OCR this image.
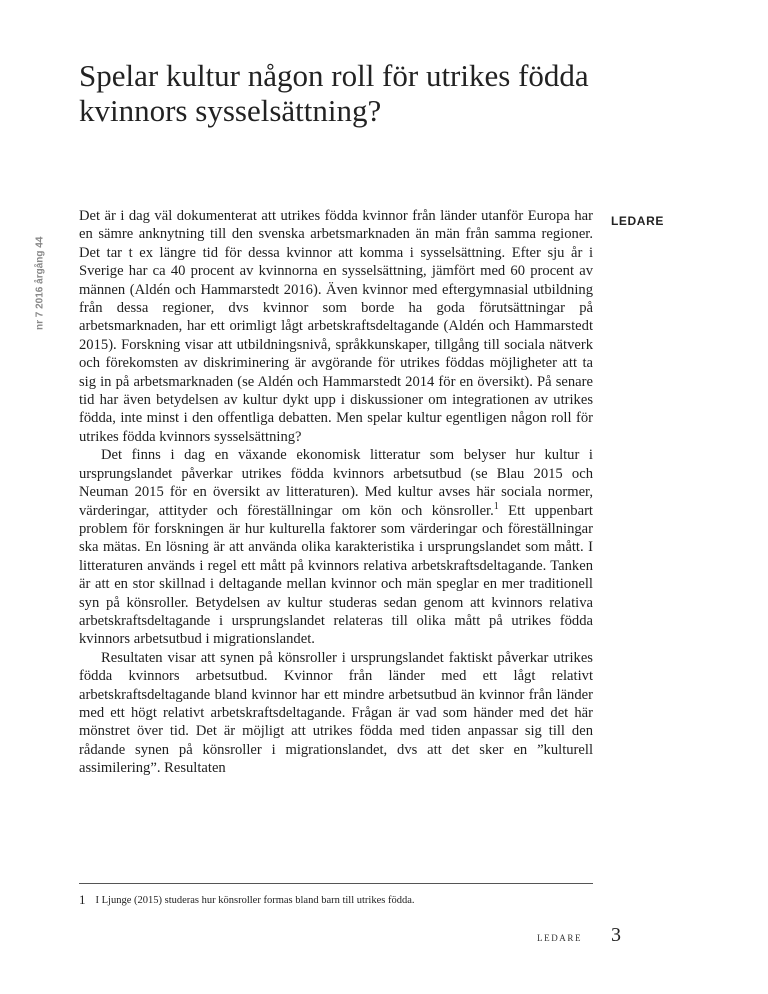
Spelar kultur någon roll för utrikes födda kvinnors sysselsättning?
nr 7 2016 årgång 44
LEDARE

Det är i dag väl dokumenterat att utrikes födda kvinnor från länder utanför Europa har en sämre anknytning till den svenska arbetsmarknaden än män från samma regioner. Det tar t ex längre tid för dessa kvinnor att komma i sysselsättning. Efter sju år i Sverige har ca 40 procent av kvinnorna en sysselsättning, jämfört med 60 procent av männen (Aldén och Hammarstedt 2016). Även kvinnor med eftergymnasial utbildning från dessa regioner, dvs kvinnor som borde ha goda förutsättningar på arbetsmarknaden, har ett orimligt lågt arbetskraftsdeltagande (Aldén och Hammarstedt 2015). Forskning visar att utbildningsnivå, språkkunskaper, tillgång till sociala nätverk och förekomsten av diskriminering är avgörande för utrikes föddas möjligheter att ta sig in på arbetsmarknaden (se Aldén och Hammarstedt 2014 för en översikt). På senare tid har även betydelsen av kultur dykt upp i diskussioner om integrationen av utrikes födda, inte minst i den offentliga debatten. Men spelar kultur egentligen någon roll för utrikes födda kvinnors sysselsättning?

Det finns i dag en växande ekonomisk litteratur som belyser hur kultur i ursprungslandet påverkar utrikes födda kvinnors arbetsutbud (se Blau 2015 och Neuman 2015 för en översikt av litteraturen). Med kultur avses här sociala normer, värderingar, attityder och föreställningar om kön och könsroller.$^1$ Ett uppenbart problem för forskningen är hur kulturella faktorer som värderingar och föreställningar ska mätas. En lösning är att använda olika karakteristika i ursprungslandet som mått. I litteraturen används i regel ett mått på kvinnors relativa arbetskraftsdeltagande. Tanken är att en stor skillnad i deltagande mellan kvinnor och män speglar en mer traditionell syn på könsroller. Betydelsen av kultur studeras sedan genom att kvinnors relativa arbetskraftsdeltagande i ursprungslandet relateras till olika mått på utrikes födda kvinnors arbetsutbud i migrationslandet.

Resultaten visar att synen på könsroller i ursprungslandet faktiskt påverkar utrikes födda kvinnors arbetsutbud. Kvinnor från länder med ett lågt relativt arbetskraftsdeltagande bland kvinnor har ett mindre arbetsutbud än kvinnor från länder med ett högt relativt arbetskraftsdeltagande. Frågan är vad som händer med det här mönstret över tid. Det är möjligt att utrikes födda med tiden anpassar sig till den rådande synen på könsroller i migrationslandet, dvs att det sker en ”kulturell assimilering”. Resultaten

1 I Ljunge (2015) studeras hur könsroller formas bland barn till utrikes födda.
LEDARE 3
